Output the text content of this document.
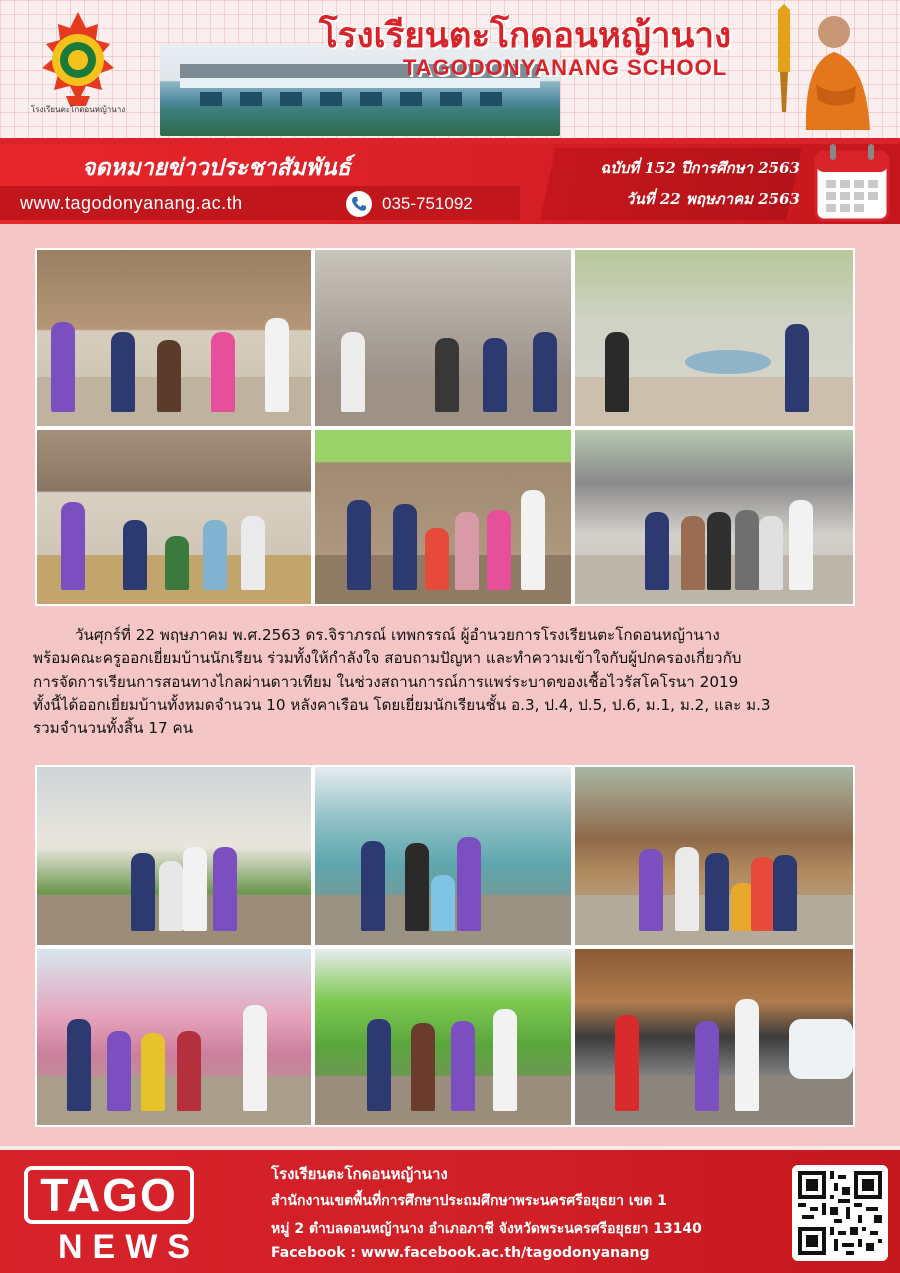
โรงเรียนตะโกดอนหญ้านาง
โรงเรียนตะโกดอนหญ้านาง
TAGODONYANANG SCHOOL
จดหมายข่าวประชาสัมพันธ์
www.tagodonyanang.ac.th	035-751092
ฉบับที่ 152 ปีการศึกษา 2563
วันที่ 22 พฤษภาคม 2563

วันศุกร์ที่ 22 พฤษภาคม พ.ศ.2563 ดร.จิราภรณ์ เทพกรรณ์ ผู้อำนวยการโรงเรียนตะโกดอนหญ้านาง

พร้อมคณะครูออกเยี่ยมบ้านนักเรียน ร่วมทั้งให้กำลังใจ สอบถามปัญหา และทำความเข้าใจกับผู้ปกครองเกี่ยวกับ

การจัดการเรียนการสอนทางไกลผ่านดาวเทียม ในช่วงสถานการณ์การแพร่ระบาดของเชื้อไวรัสโคโรนา 2019

ทั้งนี้ได้ออกเยี่ยมบ้านทั้งหมดจำนวน 10 หลังคาเรือน โดยเยี่ยมนักเรียนชั้น อ.3, ป.4, ป.5, ป.6, ม.1, ม.2, และ ม.3

รวมจำนวนทั้งสิ้น 17 คน

TAGO
NEWS
โรงเรียนตะโกดอนหญ้านาง
สำนักงานเขตพื้นที่การศึกษาประถมศึกษาพระนครศรีอยุธยา เขต 1
หมู่ 2 ตำบลดอนหญ้านาง อำเภอภาชี จังหวัดพระนครศรีอยุธยา 13140
Facebook : www.facebook.ac.th/tagodonyanang
